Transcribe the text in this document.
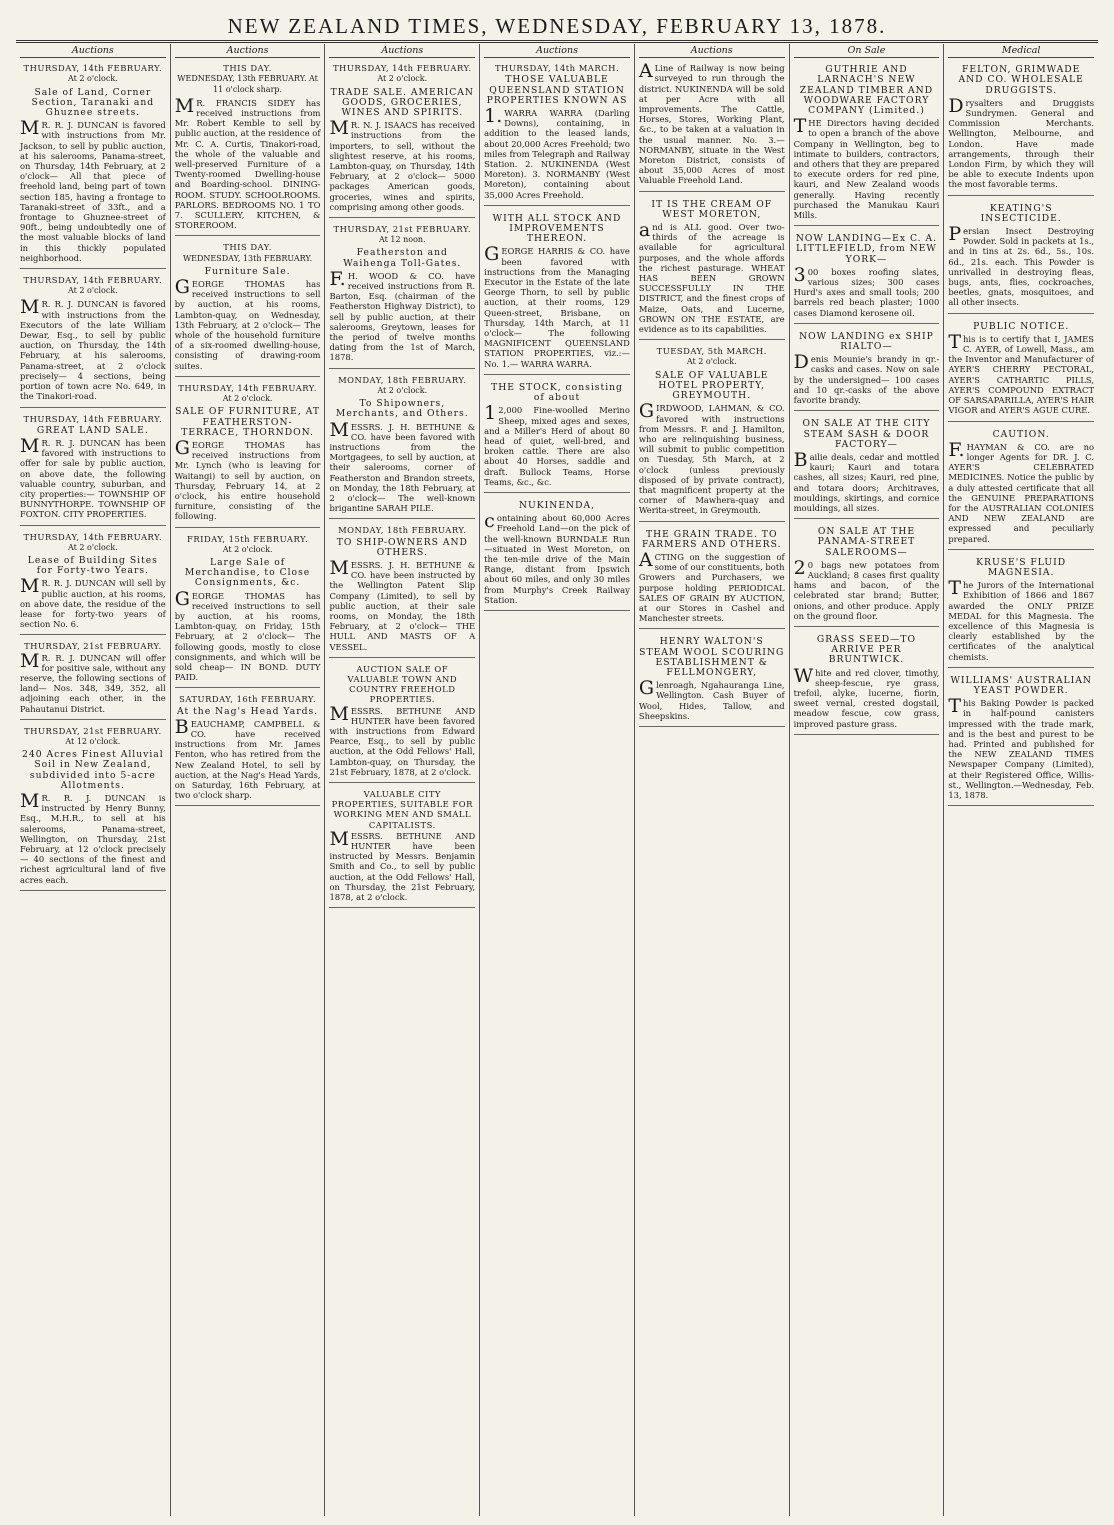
NEW ZEALAND TIMES, WEDNESDAY, FEBRUARY 13, 1878.
Auctions
THURSDAY, 14th FEBRUARY.
At 2 o'clock.
Sale of Land, Corner Section, Taranaki and Ghuznee streets.
MR. R. J. DUNCAN is favored with instructions from Mr. Jackson, to sell by public auction, at his salerooms, Panama-street, on Thursday, 14th February, at 2 o'clock— All that piece of freehold land, being part of town section 185, having a frontage to Taranaki-street of 33ft., and a frontage to Ghuznee-street of 90ft., being undoubtedly one of the most valuable blocks of land in this thickly populated neighborhood.
THURSDAY, 14th FEBRUARY.
At 2 o'clock.
MR. R. J. DUNCAN is favored with instructions from the Executors of the late William Dewar, Esq., to sell by public auction, on Thursday, the 14th February, at his salerooms, Panama-street, at 2 o'clock precisely— 4 sections, being portion of town acre No. 649, in the Tinakori-road.
THURSDAY, 14th FEBRUARY.
GREAT LAND SALE.
MR. R. J. DUNCAN has been favored with instructions to offer for sale by public auction, on above date, the following valuable country, suburban, and city properties:— TOWNSHIP OF BUNNYTHORPE. TOWNSHIP OF FOXTON. CITY PROPERTIES.
THURSDAY, 14th FEBRUARY.
At 2 o'clock.
Lease of Building Sites for Forty-two Years.
MR. R. J. DUNCAN will sell by public auction, at his rooms, on above date, the residue of the lease for forty-two years of section No. 6.
THURSDAY, 21st FEBRUARY.
MR. R. J. DUNCAN will offer for positive sale, without any reserve, the following sections of land— Nos. 348, 349, 352, all adjoining each other, in the Pahautanui District.
THURSDAY, 21st FEBRUARY.
At 12 o'clock.
240 Acres Finest Alluvial Soil in New Zealand, subdivided into 5-acre Allotments.
MR. R. J. DUNCAN is instructed by Henry Bunny, Esq., M.H.R., to sell at his salerooms, Panama-street, Wellington, on Thursday, 21st February, at 12 o'clock precisely— 40 sections of the finest and richest agricultural land of five acres each.
Auctions
THIS DAY.
WEDNESDAY, 13th FEBRUARY. At 11 o'clock sharp.
MR. FRANCIS SIDEY has received instructions from Mr. Robert Kemble to sell by public auction, at the residence of Mr. C. A. Curtis, Tinakori-road, the whole of the valuable and well-preserved Furniture of a Twenty-roomed Dwelling-house and Boarding-school. DINING-ROOM. STUDY. SCHOOLROOMS. PARLORS. BEDROOMS NO. 1 TO 7. SCULLERY, KITCHEN, & STOREROOM.
THIS DAY.
WEDNESDAY, 13th FEBRUARY.
Furniture Sale.
GEORGE THOMAS has received instructions to sell by auction, at his rooms, Lambton-quay, on Wednesday, 13th February, at 2 o'clock— The whole of the household furniture of a six-roomed dwelling-house, consisting of drawing-room suites.
THURSDAY, 14th FEBRUARY.
At 2 o'clock.
SALE OF FURNITURE, AT FEATHERSTON-TERRACE, THORNDON.
GEORGE THOMAS has received instructions from Mr. Lynch (who is leaving for Waitangi) to sell by auction, on Thursday, February 14, at 2 o'clock, his entire household furniture, consisting of the following.
FRIDAY, 15th FEBRUARY.
At 2 o'clock.
Large Sale of Merchandise, to Close Consignments, &c.
GEORGE THOMAS has received instructions to sell by auction, at his rooms, Lambton-quay, on Friday, 15th February, at 2 o'clock— The following goods, mostly to close consignments, and which will be sold cheap— IN BOND. DUTY PAID.
SATURDAY, 16th FEBRUARY.
At the Nag's Head Yards.
BEAUCHAMP, CAMPBELL & CO. have received instructions from Mr. James Fenton, who has retired from the New Zealand Hotel, to sell by auction, at the Nag's Head Yards, on Saturday, 16th February, at two o'clock sharp.
Auctions
THURSDAY, 14th FEBRUARY.
At 2 o'clock.
TRADE SALE. AMERICAN GOODS, GROCERIES, WINES AND SPIRITS.
MR. N. J. ISAACS has received instructions from the importers, to sell, without the slightest reserve, at his rooms, Lambton-quay, on Thursday, 14th February, at 2 o'clock— 5000 packages American goods, groceries, wines and spirits, comprising among other goods.
THURSDAY, 21st FEBRUARY.
At 12 noon.
Featherston and Waihenga Toll-Gates.
F.H. WOOD & CO. have received instructions from R. Barton, Esq. (chairman of the Featherston Highway District), to sell by public auction, at their salerooms, Greytown, leases for the period of twelve months dating from the 1st of March, 1878.
MONDAY, 18th FEBRUARY.
At 2 o'clock.
To Shipowners, Merchants, and Others.
MESSRS. J. H. BETHUNE & CO. have been favored with instructions from the Mortgagees, to sell by auction, at their salerooms, corner of Featherston and Brandon streets, on Monday, the 18th February, at 2 o'clock— The well-known brigantine SARAH PILE.
MONDAY, 18th FEBRUARY.
TO SHIP-OWNERS AND OTHERS.
MESSRS. J. H. BETHUNE & CO. have been instructed by the Wellington Patent Slip Company (Limited), to sell by public auction, at their sale rooms, on Monday, the 18th February, at 2 o'clock— THE HULL AND MASTS OF A VESSEL.
AUCTION SALE OF VALUABLE TOWN AND COUNTRY FREEHOLD PROPERTIES.
MESSRS. BETHUNE AND HUNTER have been favored with instructions from Edward Pearce, Esq., to sell by public auction, at the Odd Fellows' Hall, Lambton-quay, on Thursday, the 21st February, 1878, at 2 o'clock.
VALUABLE CITY PROPERTIES, SUITABLE FOR WORKING MEN AND SMALL CAPITALISTS.
MESSRS. BETHUNE AND HUNTER have been instructed by Messrs. Benjamin Smith and Co., to sell by public auction, at the Odd Fellows' Hall, on Thursday, the 21st February, 1878, at 2 o'clock.
Auctions
THURSDAY, 14th MARCH.
THOSE VALUABLE QUEENSLAND STATION PROPERTIES KNOWN AS
1.WARRA WARRA (Darling Downs), containing, in addition to the leased lands, about 20,000 Acres Freehold; two miles from Telegraph and Railway Station. 2. NUKINENDA (West Moreton). 3. NORMANBY (West Moreton), containing about 35,000 Acres Freehold.
WITH ALL STOCK AND IMPROVEMENTS THEREON.
GEORGE HARRIS & CO. have been favored with instructions from the Managing Executor in the Estate of the late George Thorn, to sell by public auction, at their rooms, 129 Queen-street, Brisbane, on Thursday, 14th March, at 11 o'clock— The following MAGNIFICENT QUEENSLAND STATION PROPERTIES, viz.:— No. 1.— WARRA WARRA.
THE STOCK, consisting of about
12,000 Fine-woolled Merino Sheep, mixed ages and sexes, and a Miller's Herd of about 80 head of quiet, well-bred, and broken cattle. There are also about 40 Horses, saddle and draft. Bullock Teams, Horse Teams, &c., &c.
NUKINENDA,
containing about 60,000 Acres Freehold Land—on the pick of the well-known BURNDALE Run—situated in West Moreton, on the ten-mile drive of the Main Range, distant from Ipswich about 60 miles, and only 30 miles from Murphy's Creek Railway Station.
Auctions
ALine of Railway is now being surveyed to run through the district. NUKINENDA will be sold at per Acre with all improvements. The Cattle, Horses, Stores, Working Plant, &c., to be taken at a valuation in the usual manner. No. 3.— NORMANBY, situate in the West Moreton District, consists of about 35,000 Acres of most Valuable Freehold Land.
IT IS THE CREAM OF WEST MORETON,
and is ALL good. Over two-thirds of the acreage is available for agricultural purposes, and the whole affords the richest pasturage. WHEAT HAS BEEN GROWN SUCCESSFULLY IN THE DISTRICT, and the finest crops of Maize, Oats, and Lucerne, GROWN ON THE ESTATE, are evidence as to its capabilities.
TUESDAY, 5th MARCH.
At 2 o'clock.
SALE OF VALUABLE HOTEL PROPERTY, GREYMOUTH.
GIRDWOOD, LAHMAN, & CO. favored with instructions from Messrs. F. and J. Hamilton, who are relinquishing business, will submit to public competition on Tuesday, 5th March, at 2 o'clock (unless previously disposed of by private contract), that magnificent property at the corner of Mawhera-quay and Werita-street, in Greymouth.
THE GRAIN TRADE. TO FARMERS AND OTHERS.
ACTING on the suggestion of some of our constituents, both Growers and Purchasers, we purpose holding PERIODICAL SALES OF GRAIN BY AUCTION, at our Stores in Cashel and Manchester streets.
HENRY WALTON'S STEAM WOOL SCOURING ESTABLISHMENT & FELLMONGERY,
Glenroagh, Ngahauranga Line, Wellington. Cash Buyer of Wool, Hides, Tallow, and Sheepskins.
On Sale
GUTHRIE AND LARNACH'S NEW ZEALAND TIMBER AND WOODWARE FACTORY COMPANY (Limited.)
THE Directors having decided to open a branch of the above Company in Wellington, beg to intimate to builders, contractors, and others that they are prepared to execute orders for red pine, kauri, and New Zealand woods generally. Having recently purchased the Manukau Kauri Mills.
NOW LANDING—Ex C. A. LITTLEFIELD, from NEW YORK—
300 boxes roofing slates, various sizes; 300 cases Hurd's axes and small tools; 200 barrels red beach plaster; 1000 cases Diamond kerosene oil.
NOW LANDING ex SHIP RIALTO—
Denis Mounie's brandy in qr.-casks and cases. Now on sale by the undersigned— 100 cases and 10 qr.-casks of the above favorite brandy.
ON SALE AT THE CITY STEAM SASH & DOOR FACTORY—
Bailie deals, cedar and mottled kauri; Kauri and totara cashes, all sizes; Kauri, red pine, and totara doors; Architraves, mouldings, skirtings, and cornice mouldings, all sizes.
ON SALE AT THE PANAMA-STREET SALEROOMS—
20 bags new potatoes from Auckland; 8 cases first quality hams and bacon, of the celebrated star brand; Butter, onions, and other produce. Apply on the ground floor.
GRASS SEED—TO ARRIVE PER BRUNTWICK.
White and red clover, timothy, sheep-fescue, rye grass, trefoil, alyke, lucerne, fiorin, sweet vernal, crested dogstail, meadow fescue, cow grass, improved pasture grass.
Medical
FELTON, GRIMWADE AND CO. WHOLESALE DRUGGISTS.
Drysalters and Druggists Sundrymen. General and Commission Merchants. Wellington, Melbourne, and London. Have made arrangements, through their London Firm, by which they will be able to execute Indents upon the most favorable terms.
KEATING'S INSECTICIDE.
Persian Insect Destroying Powder. Sold in packets at 1s., and in tins at 2s. 6d., 5s., 10s. 6d., 21s. each. This Powder is unrivalled in destroying fleas, bugs, ants, flies, cockroaches, beetles, gnats, mosquitoes, and all other insects.
PUBLIC NOTICE.
This is to certify that I, JAMES C. AYER, of Lowell, Mass., am the Inventor and Manufacturer of AYER'S CHERRY PECTORAL, AYER'S CATHARTIC PILLS, AYER'S COMPOUND EXTRACT OF SARSAPARILLA, AYER'S HAIR VIGOR and AYER'S AGUE CURE.
CAUTION.
F.HAYMAN & CO. are no longer Agents for DR. J. C. AYER'S CELEBRATED MEDICINES. Notice the public by a duly attested certificate that all the GENUINE PREPARATIONS for the AUSTRALIAN COLONIES AND NEW ZEALAND are expressed and peculiarly prepared.
KRUSE'S FLUID MAGNESIA.
The Jurors of the International Exhibition of 1866 and 1867 awarded the ONLY PRIZE MEDAL for this Magnesia. The excellence of this Magnesia is clearly established by the certificates of the analytical chemists.
WILLIAMS' AUSTRALIAN YEAST POWDER.
This Baking Powder is packed in half-pound canisters impressed with the trade mark, and is the best and purest to be had. Printed and published for the NEW ZEALAND TIMES Newspaper Company (Limited), at their Registered Office, Willis-st., Wellington.—Wednesday, Feb. 13, 1878.
